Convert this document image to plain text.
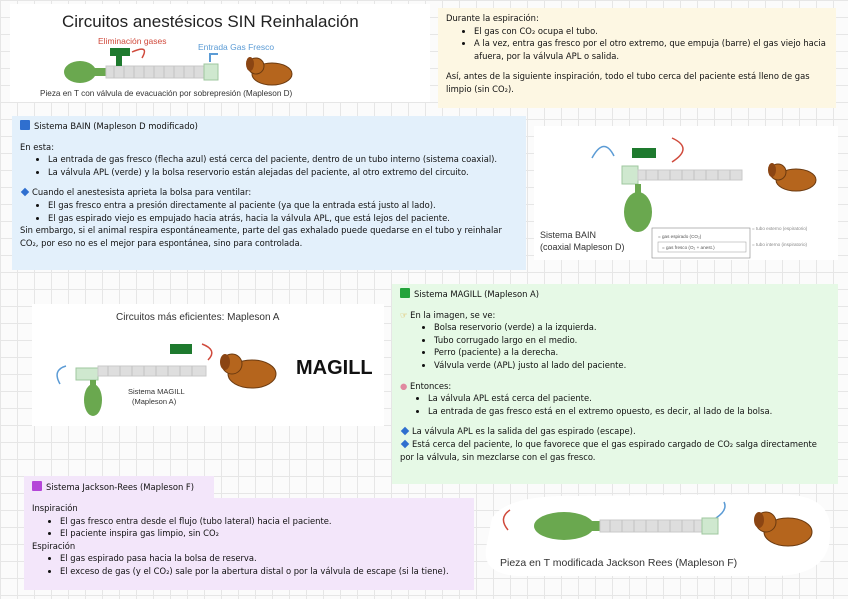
Circuitos anestésicos SIN Reinhalación
Eliminación gases
Entrada Gas Fresco
Pieza en T con válvula de evacuación por sobrepresión (Mapleson D)

Durante la espiración:

• El gas con CO₂ ocupa el tubo.
• A la vez, entra gas fresco por el otro extremo, que empuja (barre) el gas viejo hacia afuera, por la válvula APL o salida.

Así, antes de la siguiente inspiración, todo el tubo cerca del paciente está lleno de gas limpio (sin CO₂).

Sistema BAIN (Mapleson D modificado)

En esta:

• La entrada de gas fresco (flecha azul) está cerca del paciente, dentro de un tubo interno (sistema coaxial).
• La válvula APL (verde) y la bolsa reservorio están alejadas del paciente, al otro extremo del circuito.

Cuando el anestesista aprieta la bolsa para ventilar:

• El gas fresco entra a presión directamente al paciente (ya que la entrada está justo al lado).
• El gas espirado viejo es empujado hacia atrás, hacia la válvula APL, que está lejos del paciente.

Sin embargo, si el animal respira espontáneamente, parte del gas exhalado puede quedarse en el tubo y reinhalar CO₂, por eso no es el mejor para espontánea, sino para controlada.

Sistema BAIN
(coaxial Mapleson D)
= gas espirado (CO₂)
= gas fresco (O₂ + anest.)
= tubo externo (espiratorio)
= tubo interno (inspiratorio)
Circuitos más eficientes: Mapleson A
Sistema MAGILL
(Mapleson A)
MAGILL

Sistema MAGILL (Mapleson A)

☞ En la imagen, se ve:

• Bolsa reservorio (verde) a la izquierda.
• Tubo corrugado largo en el medio.
• Perro (paciente) a la derecha.
• Válvula verde (APL) justo al lado del paciente.

● Entonces:

• La válvula APL está cerca del paciente.
• La entrada de gas fresco está en el extremo opuesto, es decir, al lado de la bolsa.

La válvula APL es la salida del gas espirado (escape).

Está cerca del paciente, lo que favorece que el gas espirado cargado de CO₂ salga directamente por la válvula, sin mezclarse con el gas fresco.

Sistema Jackson-Rees (Mapleson F)

Inspiración

• El gas fresco entra desde el flujo (tubo lateral) hacia el paciente.
• El paciente inspira gas limpio, sin CO₂

Espiración

• El gas espirado pasa hacia la bolsa de reserva.
• El exceso de gas (y el CO₂) sale por la abertura distal o por la válvula de escape (si la tiene).
Pieza en T modificada Jackson Rees (Mapleson F)
